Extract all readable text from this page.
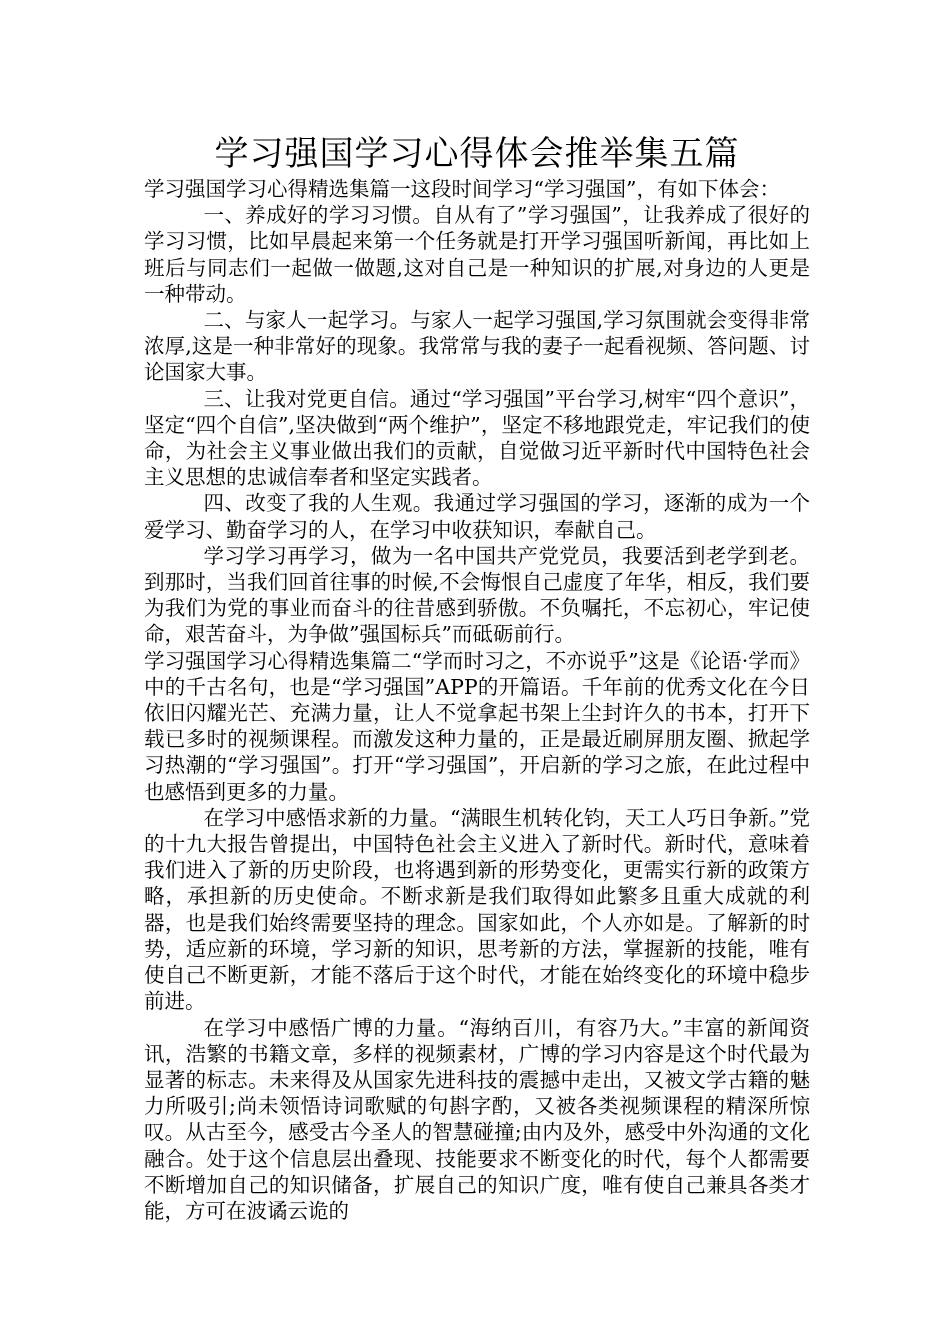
学习强国学习心得体会推举集五篇

学习强国学习心得精选集篇一这段时间学习“学习强国”，有如下体会：

一、养成好的学习习惯。自从有了”学习强国”，让我养成了很好的学习习惯，比如早晨起来第一个任务就是打开学习强国听新闻，再比如上班后与同志们一起做一做题,这对自己是一种知识的扩展,对身边的人更是一种带动。

二、与家人一起学习。与家人一起学习强国,学习氛围就会变得非常浓厚,这是一种非常好的现象。我常常与我的妻子一起看视频、答问题、讨论国家大事。

三、让我对党更自信。通过“学习强国”平台学习,树牢“四个意识”，坚定“四个自信”,坚决做到“两个维护”，坚定不移地跟党走，牢记我们的使命，为社会主义事业做出我们的贡献，自觉做习近平新时代中国特色社会主义思想的忠诚信奉者和坚定实践者。

四、改变了我的人生观。我通过学习强国的学习，逐渐的成为一个爱学习、勤奋学习的人，在学习中收获知识，奉献自己。

学习学习再学习，做为一名中国共产党党员，我要活到老学到老。到那时，当我们回首往事的时候,不会悔恨自己虚度了年华，相反，我们要为我们为党的事业而奋斗的往昔感到骄傲。不负嘱托，不忘初心，牢记使命，艰苦奋斗，为争做”强国标兵”而砥砺前行。

学习强国学习心得精选集篇二“学而时习之，不亦说乎”这是《论语·学而》中的千古名句，也是“学习强国”APP的开篇语。千年前的优秀文化在今日依旧闪耀光芒、充满力量，让人不觉拿起书架上尘封许久的书本，打开下载已多时的视频课程。而激发这种力量的，正是最近刷屏朋友圈、掀起学习热潮的“学习强国”。打开“学习强国”，开启新的学习之旅，在此过程中也感悟到更多的力量。

在学习中感悟求新的力量。“满眼生机转化钧，天工人巧日争新。”党的十九大报告曾提出，中国特色社会主义进入了新时代。新时代，意味着我们进入了新的历史阶段，也将遇到新的形势变化，更需实行新的政策方略，承担新的历史使命。不断求新是我们取得如此繁多且重大成就的利器，也是我们始终需要坚持的理念。国家如此，个人亦如是。了解新的时势，适应新的环境，学习新的知识，思考新的方法，掌握新的技能，唯有使自己不断更新，才能不落后于这个时代，才能在始终变化的环境中稳步前进。

在学习中感悟广博的力量。“海纳百川，有容乃大。”丰富的新闻资讯，浩繁的书籍文章，多样的视频素材，广博的学习内容是这个时代最为显著的标志。未来得及从国家先进科技的震撼中走出，又被文学古籍的魅力所吸引;尚未领悟诗词歌赋的句斟字酌，又被各类视频课程的精深所惊叹。从古至今，感受古今圣人的智慧碰撞;由内及外，感受中外沟通的文化融合。处于这个信息层出叠现、技能要求不断变化的时代，每个人都需要不断增加自己的知识储备，扩展自己的知识广度，唯有使自己兼具各类才能，方可在波谲云诡的
